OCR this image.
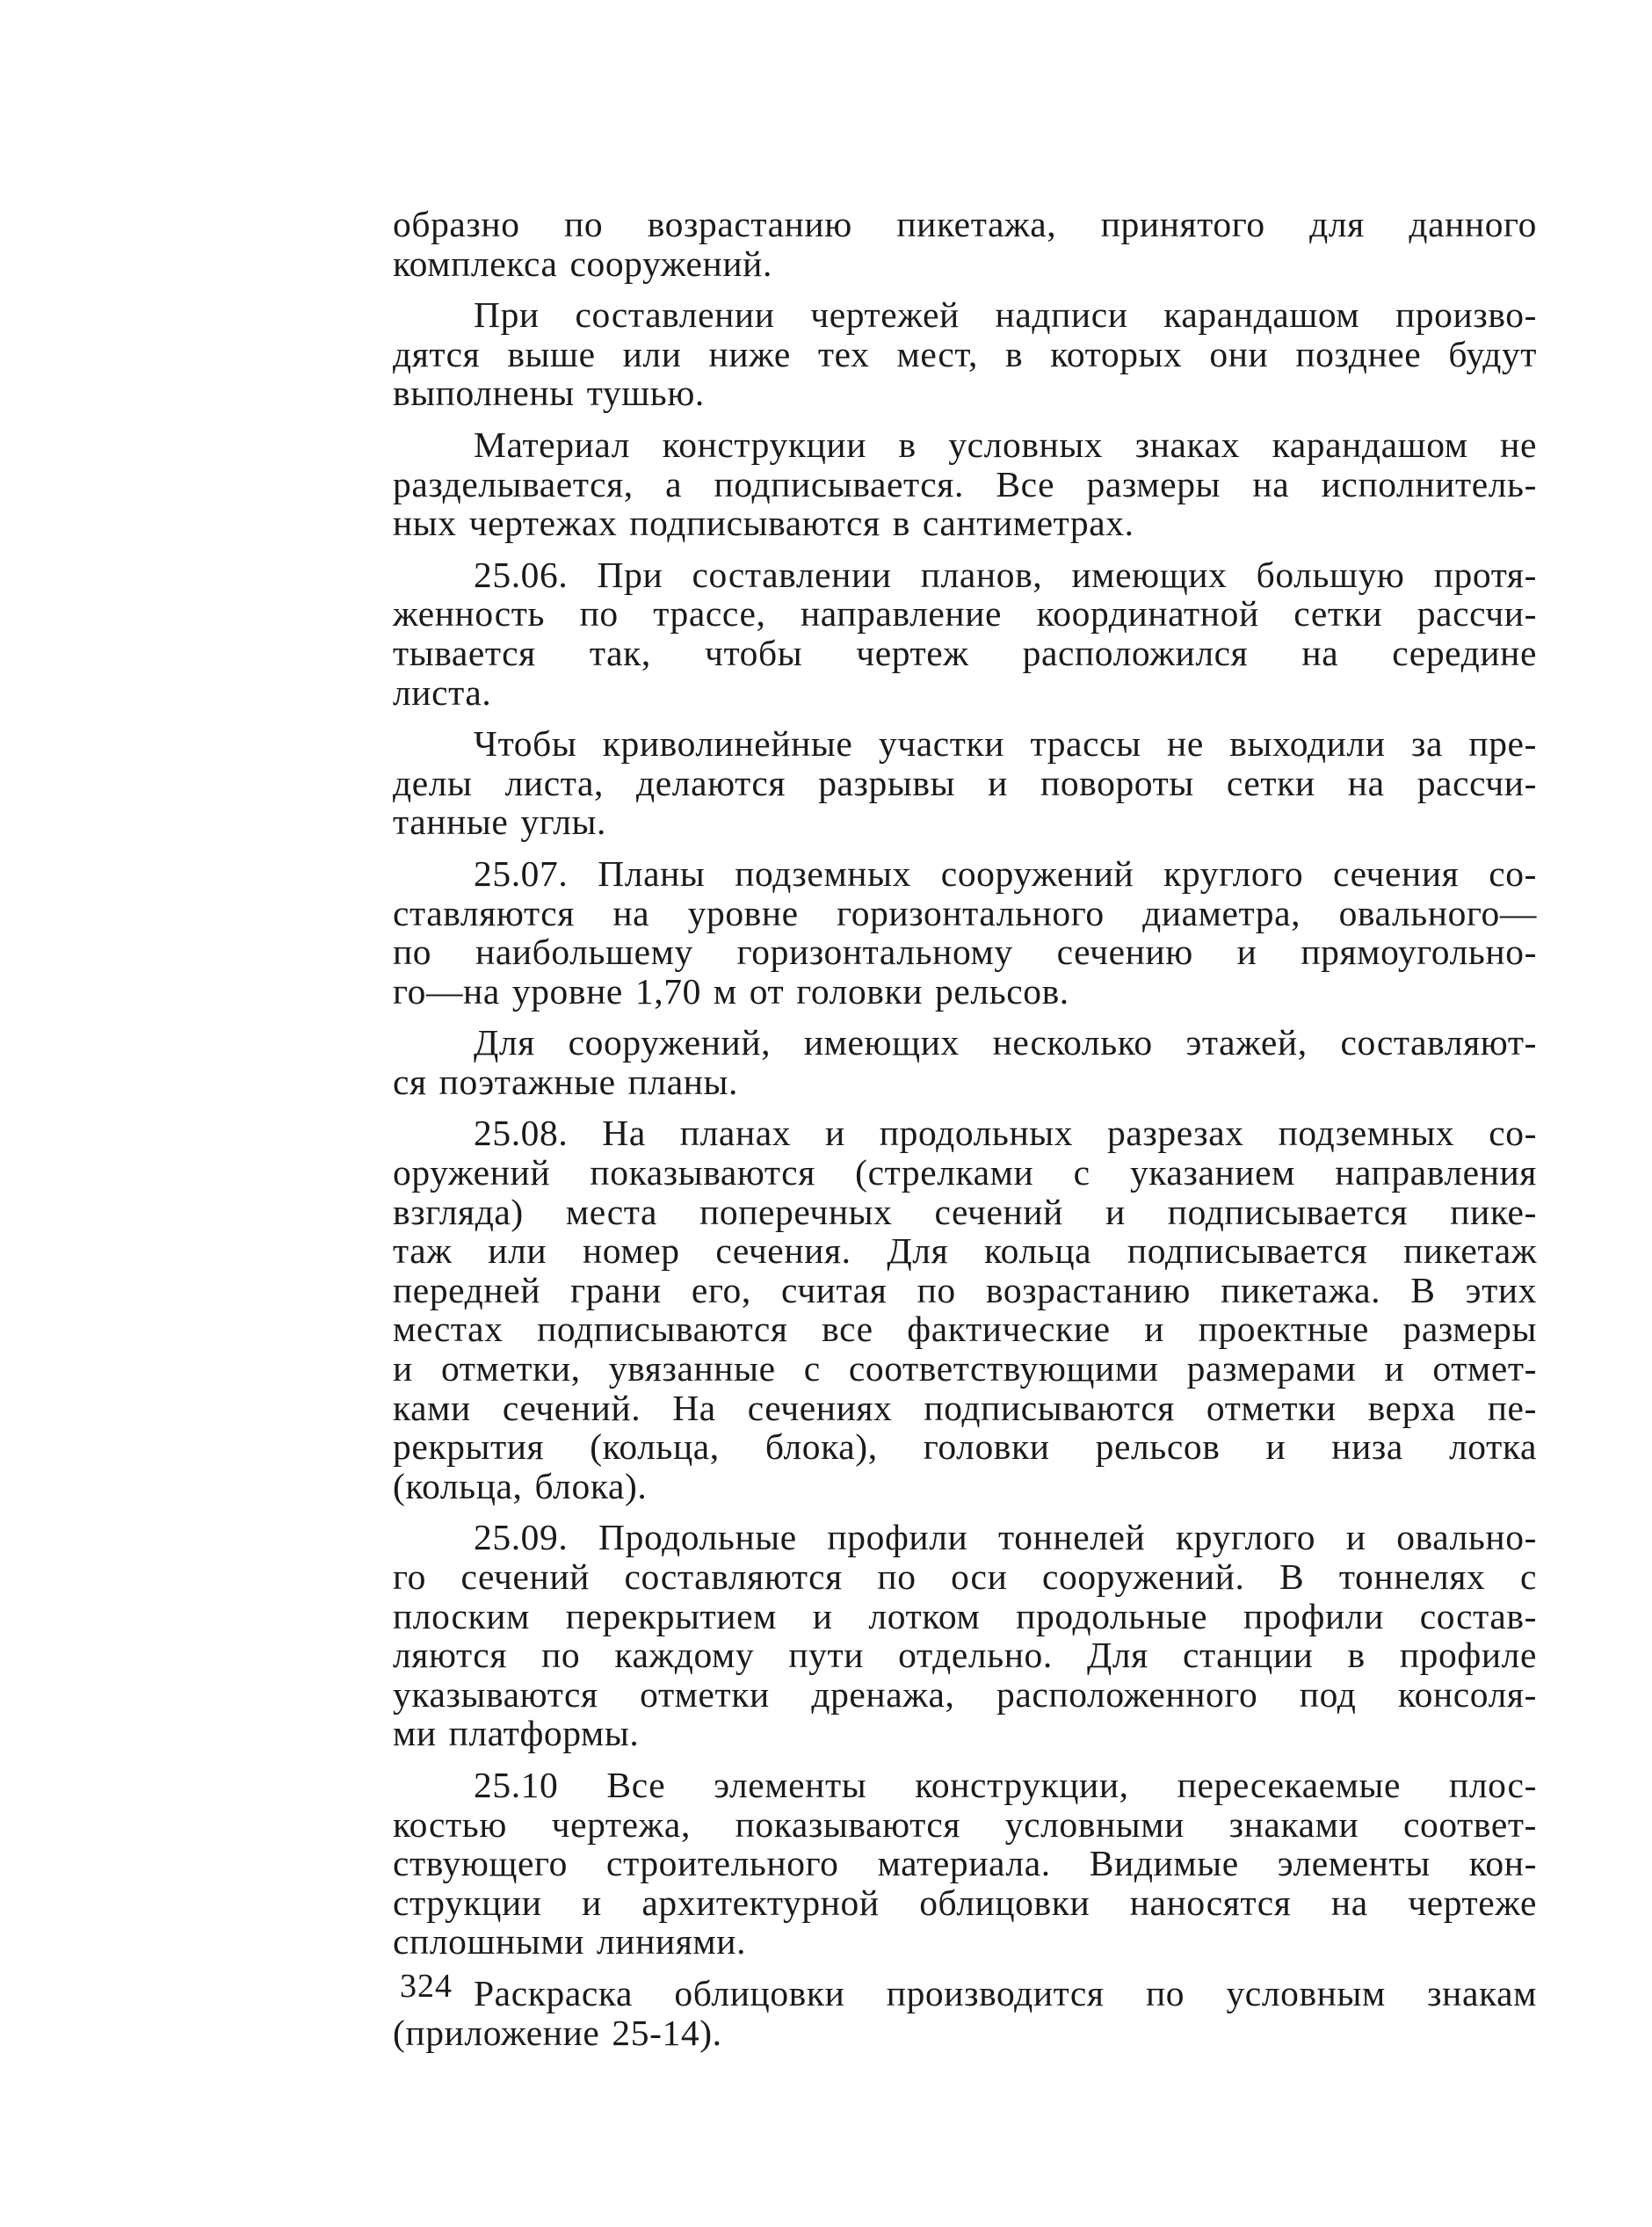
образно по возрастанию пикетажа, принятого для данного
комплекса сооружений.

При составлении чертежей надписи карандашом произво-
дятся выше или ниже тех мест, в которых они позднее будут
выполнены тушью.

Материал конструкции в условных знаках карандашом не
разделывается, а подписывается. Все размеры на исполнитель-
ных чертежах подписываются в сантиметрах.

25.06. При составлении планов, имеющих большую протя-
женность по трассе, направление координатной сетки рассчи-
тывается так, чтобы чертеж расположился на середине
листа.

Чтобы криволинейные участки трассы не выходили за пре-
делы листа, делаются разрывы и повороты сетки на рассчи-
танные углы.

25.07. Планы подземных сооружений круглого сечения со-
ставляются на уровне горизонтального диаметра, овального—
по наибольшему горизонтальному сечению и прямоугольно-
го—на уровне 1,70 м от головки рельсов.

Для сооружений, имеющих несколько этажей, составляют-
ся поэтажные планы.

25.08. На планах и продольных разрезах подземных со-
оружений показываются (стрелками с указанием направления
взгляда) места поперечных сечений и подписывается пике-
таж или номер сечения. Для кольца подписывается пикетаж
передней грани его, считая по возрастанию пикетажа. В этих
местах подписываются все фактические и проектные размеры
и отметки, увязанные с соответствующими размерами и отмет-
ками сечений. На сечениях подписываются отметки верха пе-
рекрытия (кольца, блока), головки рельсов и низа лотка
(кольца, блока).

25.09. Продольные профили тоннелей круглого и овально-
го сечений составляются по оси сооружений. В тоннелях с
плоским перекрытием и лотком продольные профили состав-
ляются по каждому пути отдельно. Для станции в профиле
указываются отметки дренажа, расположенного под консоля-
ми платформы.

25.10 Все элементы конструкции, пересекаемые плос-
костью чертежа, показываются условными знаками соответ-
ствующего строительного материала. Видимые элементы кон-
струкции и архитектурной облицовки наносятся на чертеже
сплошными линиями.

Раскраска облицовки производится по условным знакам
(приложение 25-14).

324
